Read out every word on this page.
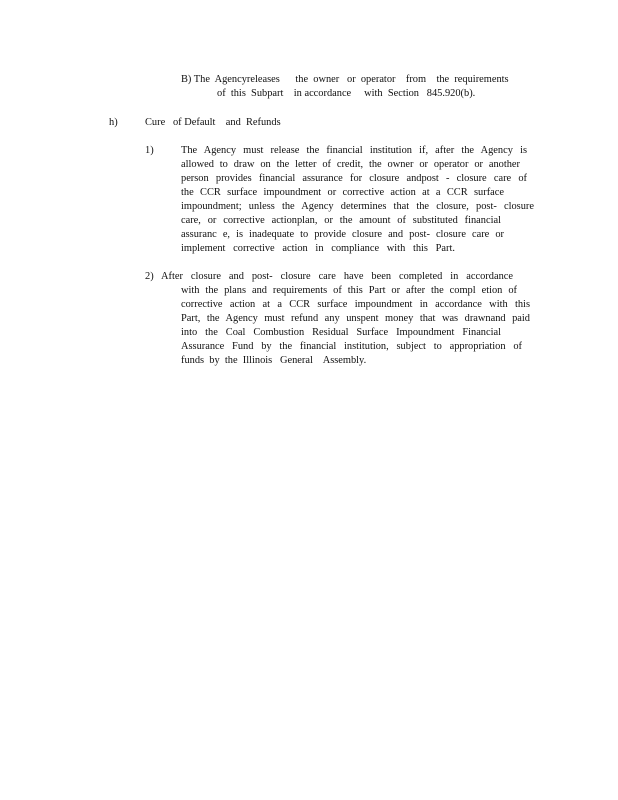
B) The  Agencyreleases      the  owner   or  operator    from    the  requirements
of  this  Subpart    in accordance     with  Section   845.920(b).
h)	Cure   of Default    and  Refunds
1)	The Agency must release the financial institution if, after the Agency is
allowed to draw on the letter of credit, the owner or operator or another
person provides financial assurance for closure andpost - closure care of
the CCR surface impoundment or corrective action at a CCR surface
impoundment; unless the Agency determines that the closure, post- closure
care, or corrective actionplan, or the amount of substituted financial
assuranc e, is inadequate to provide closure and post- closure care or
implement corrective action in compliance with this Part.
2) After closure and post- closure care have been completed in accordance
with the plans and requirements of this Part or after the compl etion of
corrective action at a CCR surface impoundment in accordance with this
Part, the Agency must refund any unspent money that was drawnand paid
into the Coal Combustion Residual Surface Impoundment Financial
Assurance Fund by the financial institution, subject to appropriation of
funds  by  the  Illinois   General    Assembly.
